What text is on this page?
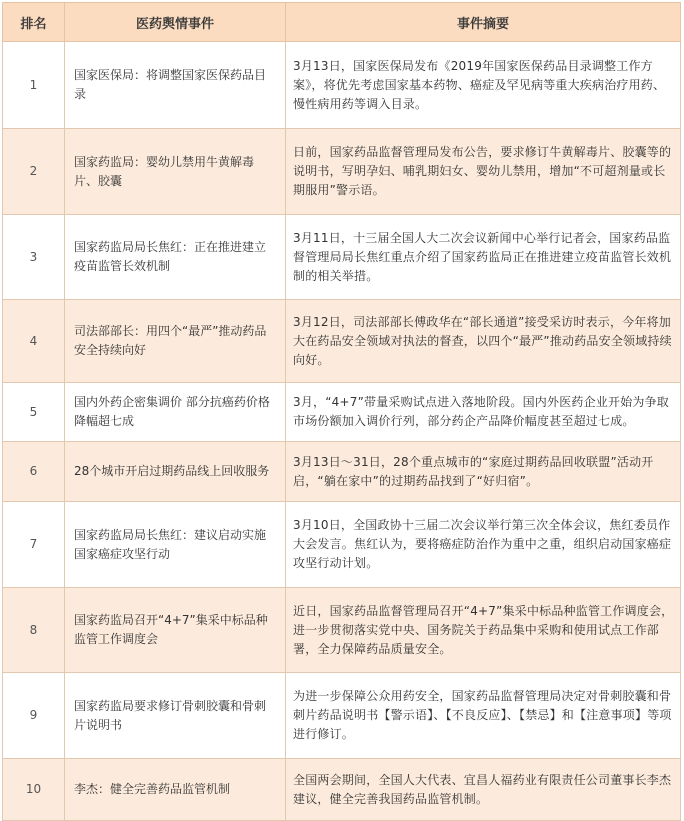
排名	医药舆情事件	事件摘要
1	国家医保局：将调整国家医保药品目录	3月13日，国家医保局发布《2019年国家医保药品目录调整工作方案》，将优先考虑国家基本药物、癌症及罕见病等重大疾病治疗用药、慢性病用药等调入目录。
2	国家药监局：婴幼儿禁用牛黄解毒片、胶囊	日前，国家药品监督管理局发布公告，要求修订牛黄解毒片、胶囊等的说明书，写明孕妇、哺乳期妇女、婴幼儿禁用，增加“不可超剂量或长期服用”警示语。
3	国家药监局局长焦红：正在推进建立疫苗监管长效机制	3月11日，十三届全国人大二次会议新闻中心举行记者会，国家药品监督管理局局长焦红重点介绍了国家药监局正在推进建立疫苗监管长效机制的相关举措。
4	司法部部长：用四个“最严”推动药品安全持续向好	3月12日，司法部部长傅政华在“部长通道”接受采访时表示，今年将加大在药品安全领域对执法的督查，以四个“最严”推动药品安全领域持续向好。
5	国内外药企密集调价 部分抗癌药价格降幅超七成	3月，“4+7”带量采购试点进入落地阶段。国内外医药企业开始为争取市场份额加入调价行列，部分药企产品降价幅度甚至超过七成。
6	28个城市开启过期药品线上回收服务	3月13日～31日，28个重点城市的“家庭过期药品回收联盟”活动开启，“躺在家中”的过期药品找到了“好归宿”。
7	国家药监局局长焦红：建议启动实施国家癌症攻坚行动	3月10日，全国政协十三届二次会议举行第三次全体会议，焦红委员作大会发言。焦红认为，要将癌症防治作为重中之重，组织启动国家癌症攻坚行动计划。
8	国家药监局召开“4+7”集采中标品种监管工作调度会	近日，国家药品监督管理局召开“4+7”集采中标品种监管工作调度会，进一步贯彻落实党中央、国务院关于药品集中采购和使用试点工作部署，全力保障药品质量安全。
9	国家药监局要求修订骨刺胶囊和骨刺片说明书	为进一步保障公众用药安全，国家药品监督管理局决定对骨刺胶囊和骨刺片药品说明书【警示语】、【不良反应】、【禁忌】和【注意事项】等项进行修订。
10	李杰：健全完善药品监管机制	全国两会期间，全国人大代表、宜昌人福药业有限责任公司董事长李杰建议，健全完善我国药品监管机制。
